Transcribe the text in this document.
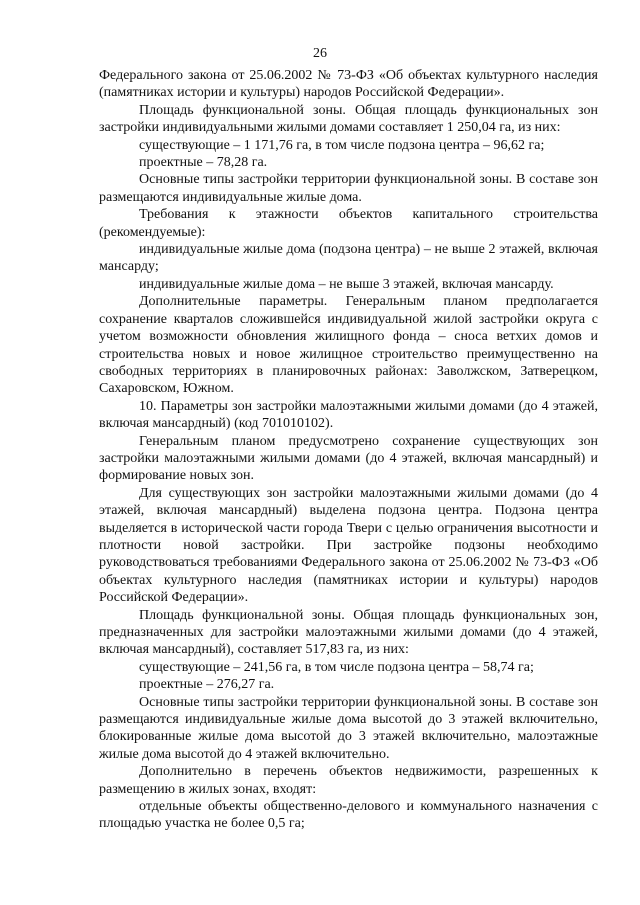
26

Федерального закона от 25.06.2002 № 73-ФЗ «Об объектах культурного наследия (памятниках истории и культуры) народов Российской Федерации».

Площадь функциональной зоны. Общая площадь функциональных зон застройки индивидуальными жилыми домами составляет 1 250,04 га, из них:

существующие – 1 171,76 га, в том числе подзона центра – 96,62 га;

проектные – 78,28 га.

Основные типы застройки территории функциональной зоны. В составе зон размещаются индивидуальные жилые дома.

Требования к этажности объектов капитального строительства (рекомендуемые):

индивидуальные жилые дома (подзона центра) – не выше 2 этажей, включая мансарду;

индивидуальные жилые дома – не выше 3 этажей, включая мансарду.

Дополнительные параметры. Генеральным планом предполагается сохранение кварталов сложившейся индивидуальной жилой застройки округа с учетом возможности обновления жилищного фонда – сноса ветхих домов и строительства новых и новое жилищное строительство преимущественно на свободных территориях в планировочных районах: Заволжском, Затверецком, Сахаровском, Южном.

10. Параметры зон застройки малоэтажными жилыми домами (до 4 этажей, включая мансардный) (код 701010102).

Генеральным планом предусмотрено сохранение существующих зон застройки малоэтажными жилыми домами (до 4 этажей, включая мансардный) и формирование новых зон.

Для существующих зон застройки малоэтажными жилыми домами (до 4 этажей, включая мансардный) выделена подзона центра. Подзона центра выделяется в исторической части города Твери с целью ограничения высотности и плотности новой застройки. При застройке подзоны необходимо руководствоваться требованиями Федерального закона от 25.06.2002 № 73-ФЗ «Об объектах культурного наследия (памятниках истории и культуры) народов Российской Федерации».

Площадь функциональной зоны. Общая площадь функциональных зон, предназначенных для застройки малоэтажными жилыми домами (до 4 этажей, включая мансардный), составляет 517,83 га, из них:

существующие – 241,56 га, в том числе подзона центра – 58,74 га;

проектные – 276,27 га.

Основные типы застройки территории функциональной зоны. В составе зон размещаются индивидуальные жилые дома высотой до 3 этажей включительно, блокированные жилые дома высотой до 3 этажей включительно, малоэтажные жилые дома высотой до 4 этажей включительно.

Дополнительно в перечень объектов недвижимости, разрешенных к размещению в жилых зонах, входят:

отдельные объекты общественно-делового и коммунального назначения с площадью участка не более 0,5 га;
